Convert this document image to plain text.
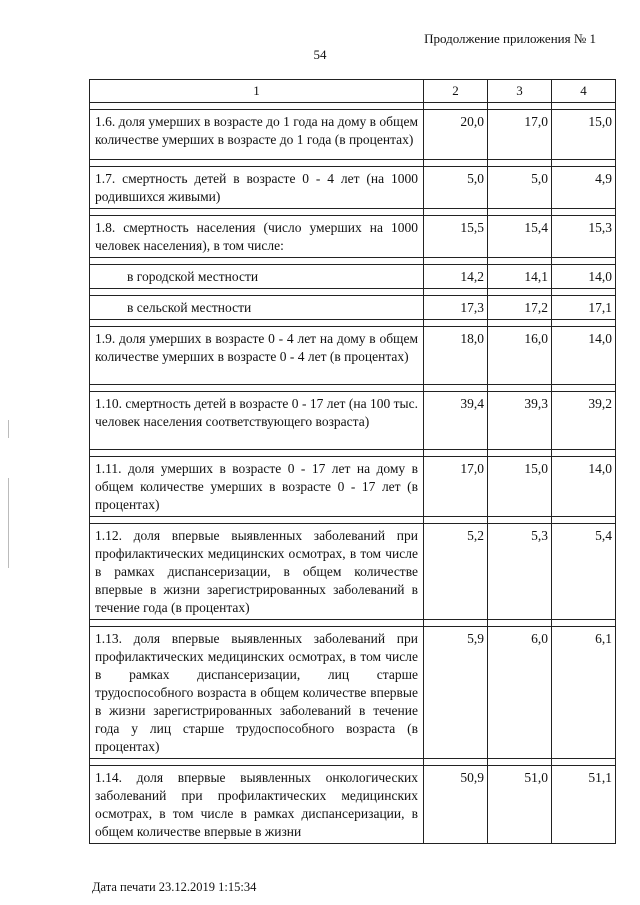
Продолжение приложения № 1
54
1	2	3	4

1.6. доля умерших в возрасте до 1 года на дому в общем количестве умерших в возрасте до 1 года (в процентах)	20,0	17,0	15,0

1.7. смертность детей в возрасте 0 - 4 лет (на 1000 родившихся живыми)	5,0	5,0	4,9

1.8. смертность населения (число умерших на 1000 человек населения), в том числе:	15,5	15,4	15,3

в городской местности	14,2	14,1	14,0

в сельской местности	17,3	17,2	17,1

1.9. доля умерших в возрасте 0 - 4 лет на дому в общем количестве умерших в возрасте 0 - 4 лет (в процентах)	18,0	16,0	14,0

1.10. смертность детей в возрасте 0 - 17 лет (на 100 тыс. человек населения соответствующего возраста)	39,4	39,3	39,2

1.11. доля умерших в возрасте 0 - 17 лет на дому в общем количестве умерших в возрасте 0 - 17 лет (в процентах)	17,0	15,0	14,0

1.12. доля впервые выявленных заболеваний при профилактических медицинских осмотрах, в том числе в рамках диспансеризации, в общем количестве впервые в жизни зарегистрированных заболеваний в течение года (в процентах)	5,2	5,3	5,4

1.13. доля впервые выявленных заболеваний при профилактических медицинских осмотрах, в том числе в рамках диспансеризации, лиц старше трудоспособного возраста в общем количестве впервые в жизни зарегистрированных заболеваний в течение года у лиц старше трудоспособного возраста (в процентах)	5,9	6,0	6,1

1.14. доля впервые выявленных онкологических заболеваний при профилактических медицинских осмотрах, в том числе в рамках диспансеризации, в общем количестве впервые в жизни	50,9	51,0	51,1
Дата печати 23.12.2019 1:15:34
